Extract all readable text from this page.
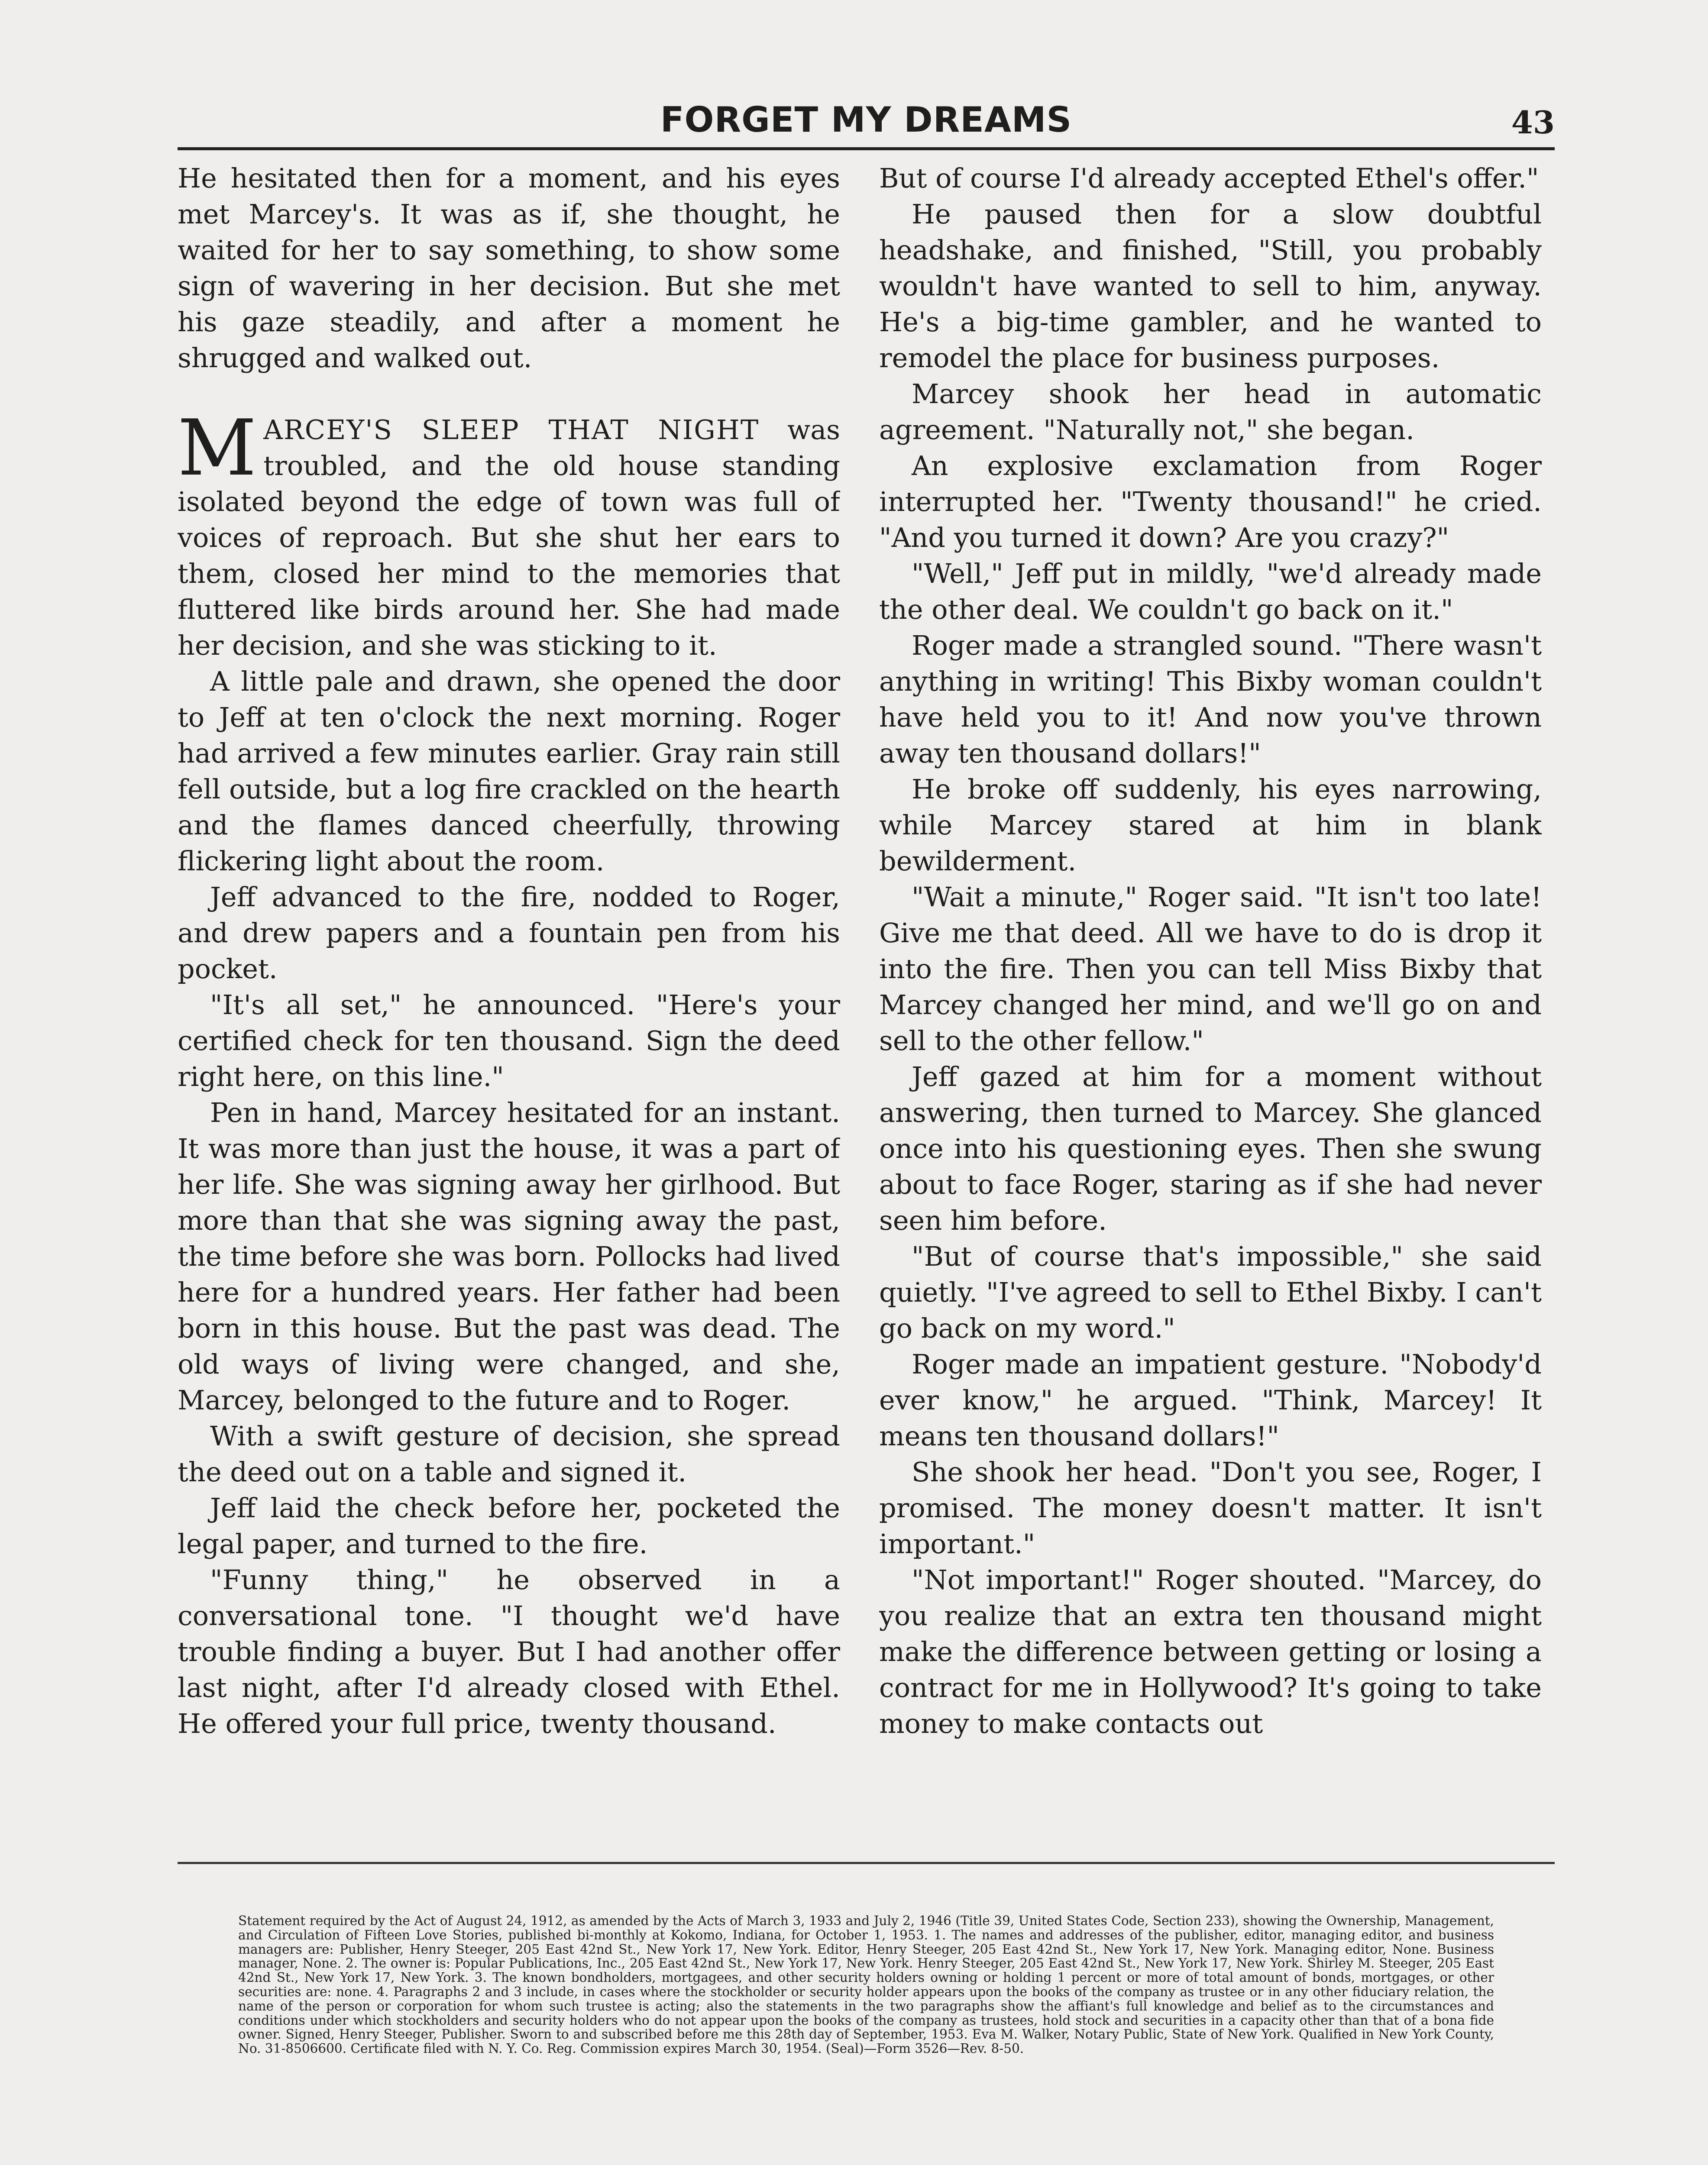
FORGET MY DREAMS	43

He hesitated then for a moment, and his eyes met Marcey's. It was as if, she thought, he waited for her to say something, to show some sign of wavering in her decision. But she met his gaze steadily, and after a moment he shrugged and walked out.

MARCEY'S SLEEP THAT NIGHT was troubled, and the old house standing isolated beyond the edge of town was full of voices of reproach. But she shut her ears to them, closed her mind to the memories that fluttered like birds around her. She had made her decision, and she was sticking to it.

A little pale and drawn, she opened the door to Jeff at ten o'clock the next morning. Roger had arrived a few minutes earlier. Gray rain still fell outside, but a log fire crackled on the hearth and the flames danced cheerfully, throwing flickering light about the room.

Jeff advanced to the fire, nodded to Roger, and drew papers and a fountain pen from his pocket.

"It's all set," he announced. "Here's your certified check for ten thousand. Sign the deed right here, on this line."

Pen in hand, Marcey hesitated for an instant. It was more than just the house, it was a part of her life. She was signing away her girlhood. But more than that she was signing away the past, the time before she was born. Pollocks had lived here for a hundred years. Her father had been born in this house. But the past was dead. The old ways of living were changed, and she, Marcey, belonged to the future and to Roger.

With a swift gesture of decision, she spread the deed out on a table and signed it.

Jeff laid the check before her, pocketed the legal paper, and turned to the fire.

"Funny thing," he observed in a conversational tone. "I thought we'd have trouble finding a buyer. But I had another offer last night, after I'd already closed with Ethel. He offered your full price, twenty thousand.

But of course I'd already accepted Ethel's offer."

He paused then for a slow doubtful headshake, and finished, "Still, you probably wouldn't have wanted to sell to him, anyway. He's a big-time gambler, and he wanted to remodel the place for business purposes.

Marcey shook her head in automatic agreement. "Naturally not," she began.

An explosive exclamation from Roger interrupted her. "Twenty thousand!" he cried. "And you turned it down? Are you crazy?"

"Well," Jeff put in mildly, "we'd already made the other deal. We couldn't go back on it."

Roger made a strangled sound. "There wasn't anything in writing! This Bixby woman couldn't have held you to it! And now you've thrown away ten thousand dollars!"

He broke off suddenly, his eyes narrowing, while Marcey stared at him in blank bewilderment.

"Wait a minute," Roger said. "It isn't too late! Give me that deed. All we have to do is drop it into the fire. Then you can tell Miss Bixby that Marcey changed her mind, and we'll go on and sell to the other fellow."

Jeff gazed at him for a moment without answering, then turned to Marcey. She glanced once into his questioning eyes. Then she swung about to face Roger, staring as if she had never seen him before.

"But of course that's impossible," she said quietly. "I've agreed to sell to Ethel Bixby. I can't go back on my word."

Roger made an impatient gesture. "Nobody'd ever know," he argued. "Think, Marcey! It means ten thousand dollars!"

She shook her head. "Don't you see, Roger, I promised. The money doesn't matter. It isn't important."

"Not important!" Roger shouted. "Marcey, do you realize that an extra ten thousand might make the difference between getting or losing a contract for me in Hollywood? It's going to take money to make contacts out

Statement required by the Act of August 24, 1912, as amended by the Acts of March 3, 1933 and July 2, 1946 (Title 39, United States Code, Section 233), showing the Ownership, Management, and Circulation of Fifteen Love Stories, published bi-monthly at Kokomo, Indiana, for October 1, 1953. 1. The names and addresses of the publisher, editor, managing editor, and business managers are: Publisher, Henry Steeger, 205 East 42nd St., New York 17, New York. Editor, Henry Steeger, 205 East 42nd St., New York 17, New York. Managing editor, None. Business manager, None. 2. The owner is: Popular Publications, Inc., 205 East 42nd St., New York 17, New York. Henry Steeger, 205 East 42nd St., New York 17, New York. Shirley M. Steeger, 205 East 42nd St., New York 17, New York. 3. The known bondholders, mortgagees, and other security holders owning or holding 1 percent or more of total amount of bonds, mortgages, or other securities are: none. 4. Paragraphs 2 and 3 include, in cases where the stockholder or security holder appears upon the books of the company as trustee or in any other fiduciary relation, the name of the person or corporation for whom such trustee is acting; also the statements in the two paragraphs show the affiant's full knowledge and belief as to the circumstances and conditions under which stockholders and security holders who do not appear upon the books of the company as trustees, hold stock and securities in a capacity other than that of a bona fide owner. Signed, Henry Steeger, Publisher. Sworn to and subscribed before me this 28th day of September, 1953. Eva M. Walker, Notary Public, State of New York. Qualified in New York County, No. 31-8506600. Certificate filed with N. Y. Co. Reg. Commission expires March 30, 1954. (Seal)—Form 3526—Rev. 8-50.
